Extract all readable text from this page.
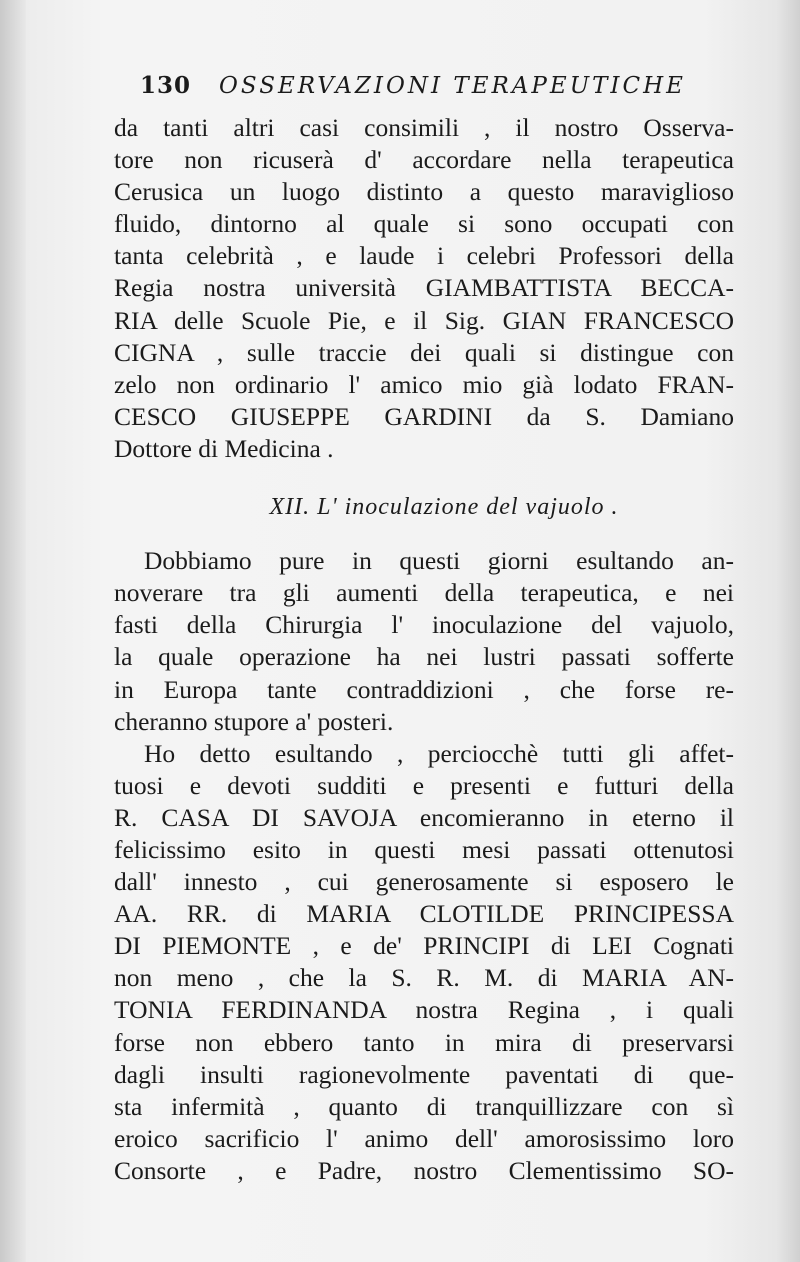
130 OSSERVAZIONI TERAPEUTICHE
da tanti altri casi consimili , il nostro Osserva-
tore non ricuserà d' accordare nella terapeutica
Cerusica un luogo distinto a questo maraviglioso
fluido, dintorno al quale si sono occupati con
tanta celebrità , e laude i celebri Professori della
Regia nostra università GIAMBATTISTA BECCA-
RIA delle Scuole Pie, e il Sig. GIAN FRANCESCO
CIGNA , sulle traccie dei quali si distingue con
zelo non ordinario l' amico mio già lodato FRAN-
CESCO GIUSEPPE GARDINI da S. Damiano
Dottore di Medicina .
XII. L' inoculazione del vajuolo .
Dobbiamo pure in questi giorni esultando an-
noverare tra gli aumenti della terapeutica, e nei
fasti della Chirurgia l' inoculazione del vajuolo,
la quale operazione ha nei lustri passati sofferte
in Europa tante contraddizioni , che forse re-
cheranno stupore a' posteri.
Ho detto esultando , perciocchè tutti gli affet-
tuosi e devoti sudditi e presenti e futturi della
R. CASA DI SAVOJA encomieranno in eterno il
felicissimo esito in questi mesi passati ottenutosi
dall' innesto , cui generosamente si esposero le
AA. RR. di MARIA CLOTILDE PRINCIPESSA
DI PIEMONTE , e de' PRINCIPI di LEI Cognati
non meno , che la S. R. M. di MARIA AN-
TONIA FERDINANDA nostra Regina , i quali
forse non ebbero tanto in mira di preservarsi
dagli insulti ragionevolmente paventati di que-
sta infermità , quanto di tranquillizzare con sì
eroico sacrificio l' animo dell' amorosissimo loro
Consorte , e Padre, nostro Clementissimo SO-
